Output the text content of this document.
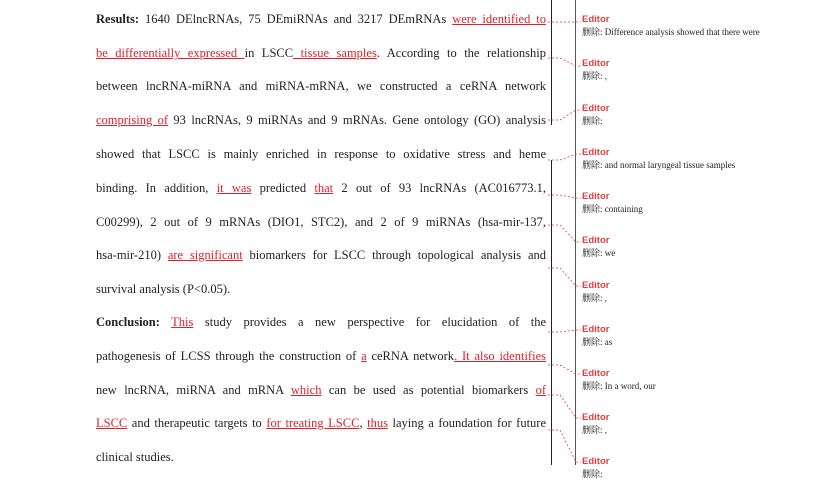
Results: 1640 DElncRNAs, 75 DEmiRNAs and 3217 DEmRNAs were identified to
be differentially expressed in LSCC tissue samples. According to the relationship
between lncRNA-miRNA and miRNA-mRNA, we constructed a ceRNA network
comprising of 93 lncRNAs, 9 miRNAs and 9 mRNAs. Gene ontology (GO) analysis
showed that LSCC is mainly enriched in response to oxidative stress and heme
binding. In addition, it was predicted that 2 out of 93 lncRNAs (AC016773.1,
C00299), 2 out of 9 mRNAs (DIO1, STC2), and 2 of 9 miRNAs (hsa-mir-137,
hsa-mir-210) are significant biomarkers for LSCC through topological analysis and
survival analysis (P<0.05).
Conclusion: This study provides a new perspective for elucidation of the
pathogenesis of LCSS through the construction of a ceRNA network. It also identifies
new lncRNA, miRNA and mRNA which can be used as potential biomarkers of
LSCC and therapeutic targets to for treating LSCC, thus laying a foundation for future
clinical studies.
Editor
删除: Difference analysis showed that there were
Editor
删除: ,
Editor
删除:
Editor
删除: and normal laryngeal tissue samples
Editor
删除: containing
Editor
删除: we
Editor
删除: ,
Editor
删除: as
Editor
删除: In a word, our
Editor
删除: ,
Editor
删除:
